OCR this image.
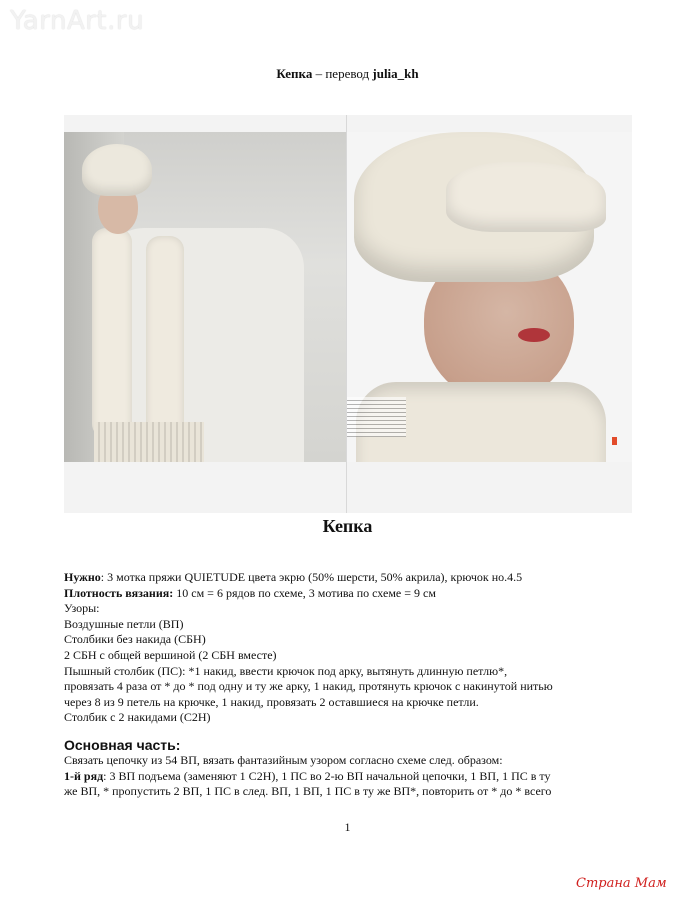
YarnArt.ru
Кепка – перевод julia_kh
Кепка

Нужно: 3 мотка пряжи QUIETUDE цвета экрю (50% шерсти, 50% акрила), крючок но.4.5

Плотность вязания: 10 см = 6 рядов по схеме, 3 мотива по схеме = 9 см

Узоры:

Воздушные петли (ВП)

Столбики без накида (СБН)

2 СБН с общей вершиной (2 СБН вместе)

Пышный столбик (ПС): *1 накид, ввести крючок под арку, вытянуть длинную петлю*,

провязать 4 раза от * до * под одну и ту же арку, 1 накид, протянуть крючок с накинутой нитью

через 8 из 9 петель на крючке, 1 накид, провязать 2 оставшиеся на крючке петли.

Столбик с 2 накидами (С2Н)

Основная часть:

Связать цепочку из 54 ВП, вязать фантазийным узором согласно схеме след. образом:

1-й ряд: 3 ВП подъема (заменяют 1 С2Н), 1 ПС во 2-ю ВП начальной цепочки, 1 ВП, 1 ПС в ту

же ВП, * пропустить 2 ВП, 1 ПС в след. ВП, 1 ВП, 1 ПС в ту же ВП*, повторить от * до * всего

1
Страна Мам
